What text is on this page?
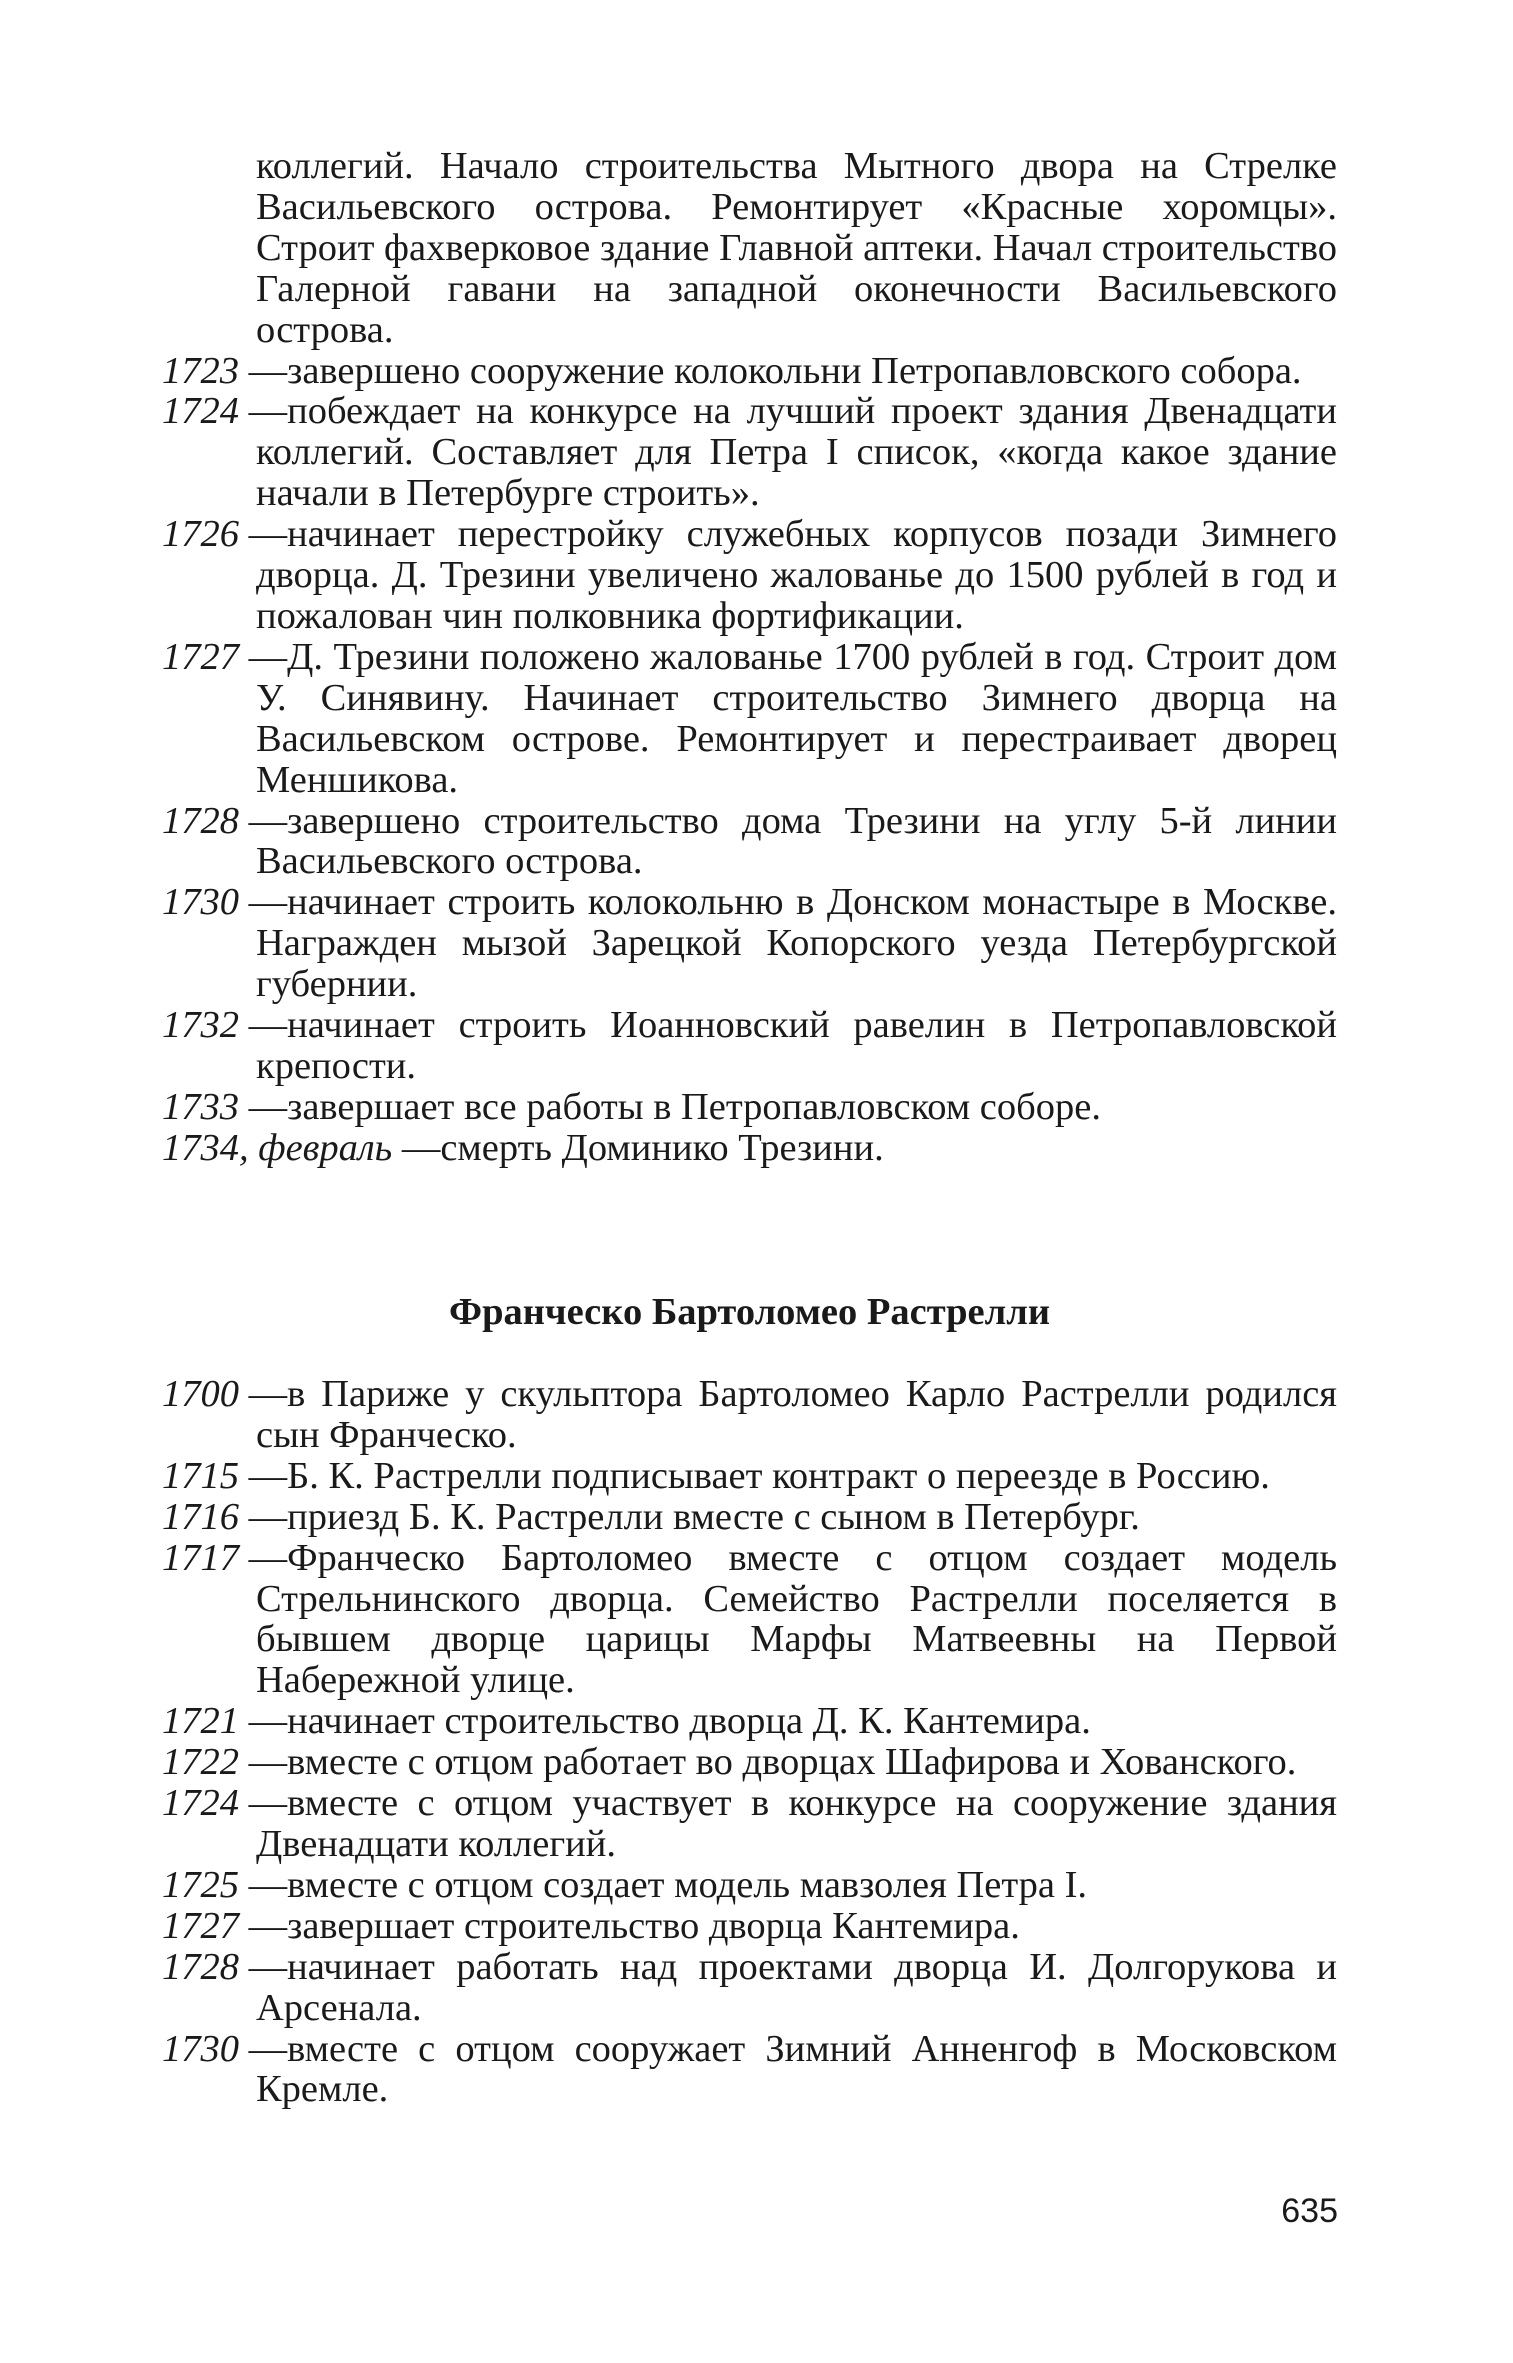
коллегий. Начало строительства Мытного двора на Стрелке Васильевского острова. Ремонтирует «Красные хоромцы». Строит фахверковое здание Главной аптеки. Начал строительство Галерной гавани на западной оконечности Васильевского острова.
1723 — завершено сооружение колокольни Петропавловского собора.
1724 — побеждает на конкурсе на лучший проект здания Двенадцати коллегий. Составляет для Петра I список, «когда какое здание начали в Петербурге строить».
1726 — начинает перестройку служебных корпусов позади Зимнего дворца. Д. Трезини увеличено жалованье до 1500 рублей в год и пожалован чин полковника фортификации.
1727 — Д. Трезини положено жалованье 1700 рублей в год. Строит дом У. Синявину. Начинает строительство Зимнего дворца на Васильевском острове. Ремонтирует и перестраивает дворец Меншикова.
1728 — завершено строительство дома Трезини на углу 5-й линии Васильевского острова.
1730 — начинает строить колокольню в Донском монастыре в Москве. Награжден мызой Зарецкой Копорского уезда Петербургской губернии.
1732 — начинает строить Иоанновский равелин в Петропавловской крепости.
1733 — завершает все работы в Петропавловском соборе.
1734, февраль — смерть Доминико Трезини.
Франческо Бартоломео Растрелли
1700 — в Париже у скульптора Бартоломео Карло Растрелли родился сын Франческо.
1715 — Б. К. Растрелли подписывает контракт о переезде в Россию.
1716 — приезд Б. К. Растрелли вместе с сыном в Петербург.
1717 — Франческо Бартоломео вместе с отцом создает модель Стрельнинского дворца. Семейство Растрелли поселяется в бывшем дворце царицы Марфы Матвеевны на Первой Набережной улице.
1721 — начинает строительство дворца Д. К. Кантемира.
1722 — вместе с отцом работает во дворцах Шафирова и Хованского.
1724 — вместе с отцом участвует в конкурсе на сооружение здания Двенадцати коллегий.
1725 — вместе с отцом создает модель мавзолея Петра I.
1727 — завершает строительство дворца Кантемира.
1728 — начинает работать над проектами дворца И. Долгорукова и Арсенала.
1730 — вместе с отцом сооружает Зимний Анненгоф в Московском Кремле.
635
